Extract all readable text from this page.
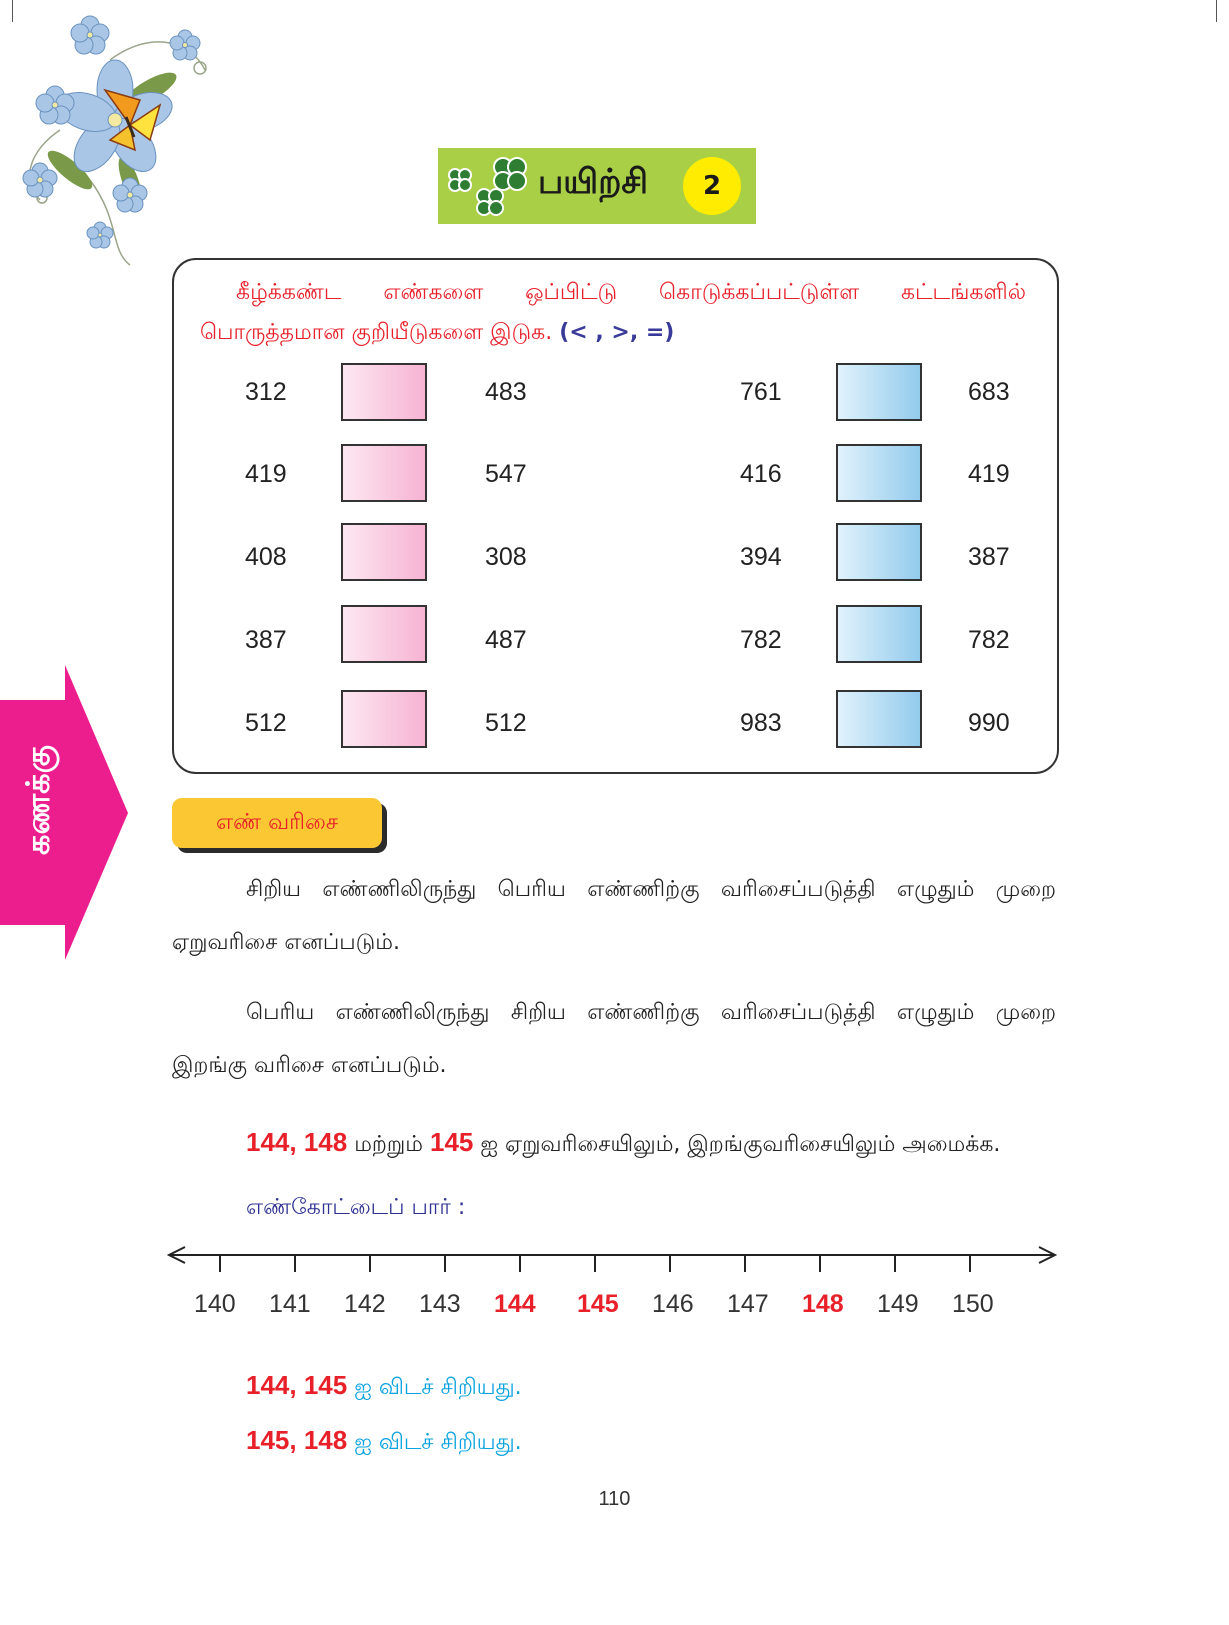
பயிற்சி	2
கீழ்க்கண்ட எண்களை ஒப்பிட்டு கொடுக்கப்பட்டுள்ள கட்டங்களில்
பொருத்தமான குறியீடுகளை இடுக. (< , >, =)
312	483
419	547
408	308
387	487
512	512
761	683
416	419
394	387
782	782
983	990
கணக்கு	எண் வரிசை
சிறிய எண்ணிலிருந்து பெரிய எண்ணிற்கு வரிசைப்படுத்தி எழுதும் முறை
ஏறுவரிசை எனப்படும்.
பெரிய எண்ணிலிருந்து சிறிய எண்ணிற்கு வரிசைப்படுத்தி எழுதும் முறை
இறங்கு வரிசை எனப்படும்.
144, 148 மற்றும் 145 ஐ ஏறுவரிசையிலும், இறங்குவரிசையிலும் அமைக்க.
எண்கோட்டைப் பார் :
140 141 142 143 144 145 146 147 148 149 150
144, 145 ஐ விடச் சிறியது.
145, 148 ஐ விடச் சிறியது.
110
